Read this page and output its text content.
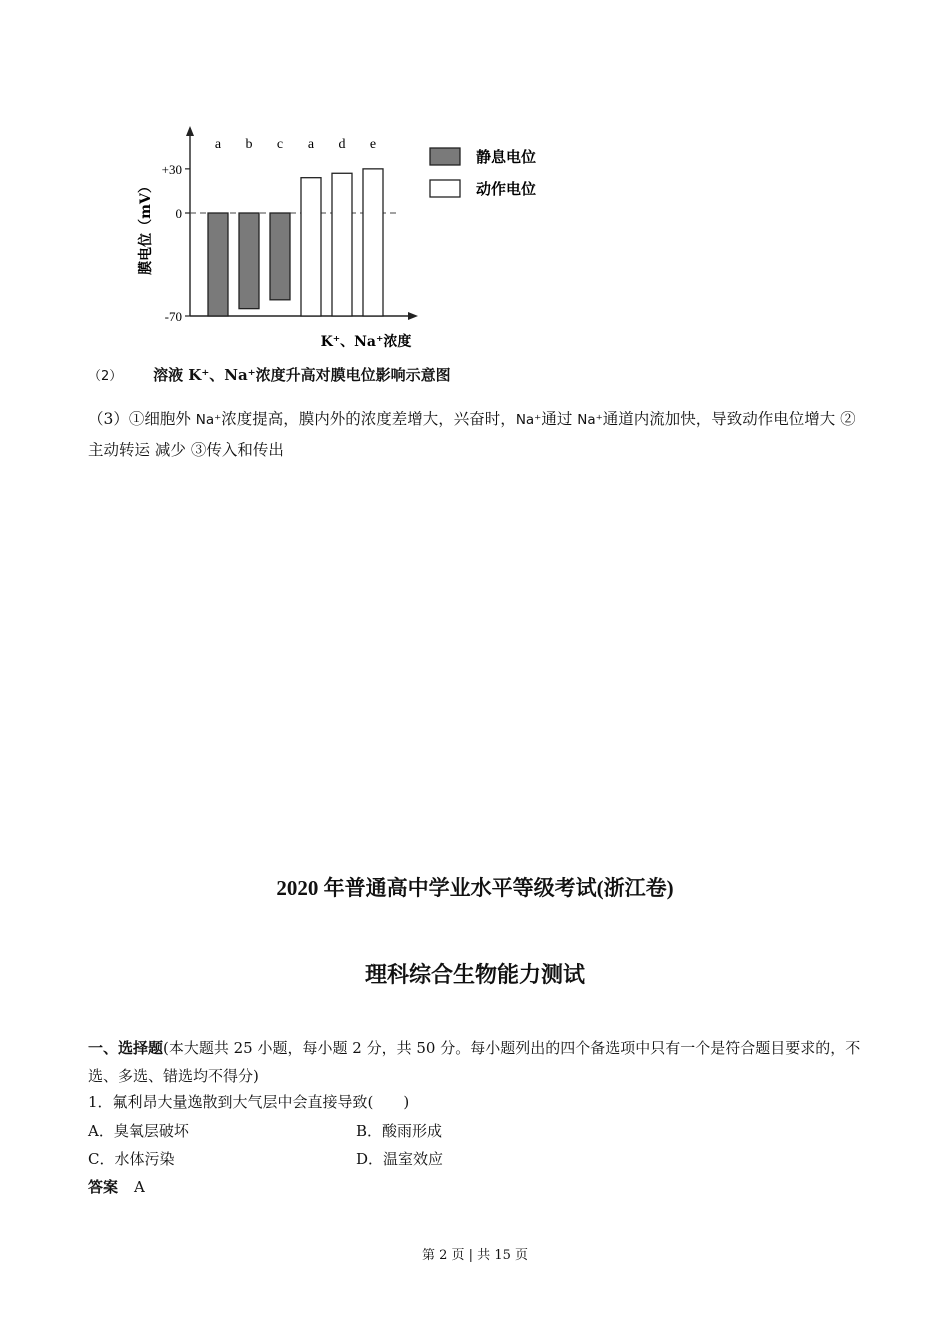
+30
0
-70
膜电位（mV）
a b c a d e
K⁺、Na⁺浓度
静息电位
动作电位
（2） 溶液 K⁺、Na⁺浓度升高对膜电位影响示意图
（3）①细胞外 Na⁺浓度提高，膜内外的浓度差增大，兴奋时，Na⁺通过 Na⁺通道内流加快，导致动作电位增大 ②主动转运 减少 ③传入和传出
2020 年普通高中学业水平等级考试(浙江卷)
理科综合生物能力测试
一、选择题(本大题共 25 小题，每小题 2 分，共 50 分。每小题列出的四个备选项中只有一个是符合题目要求的，不选、多选、错选均不得分)
1．氟利昂大量逸散到大气层中会直接导致(　　)
A．臭氧层破坏	B．酸雨形成
C．水体污染	D．温室效应
答案 A
第 2 页 | 共 15 页
